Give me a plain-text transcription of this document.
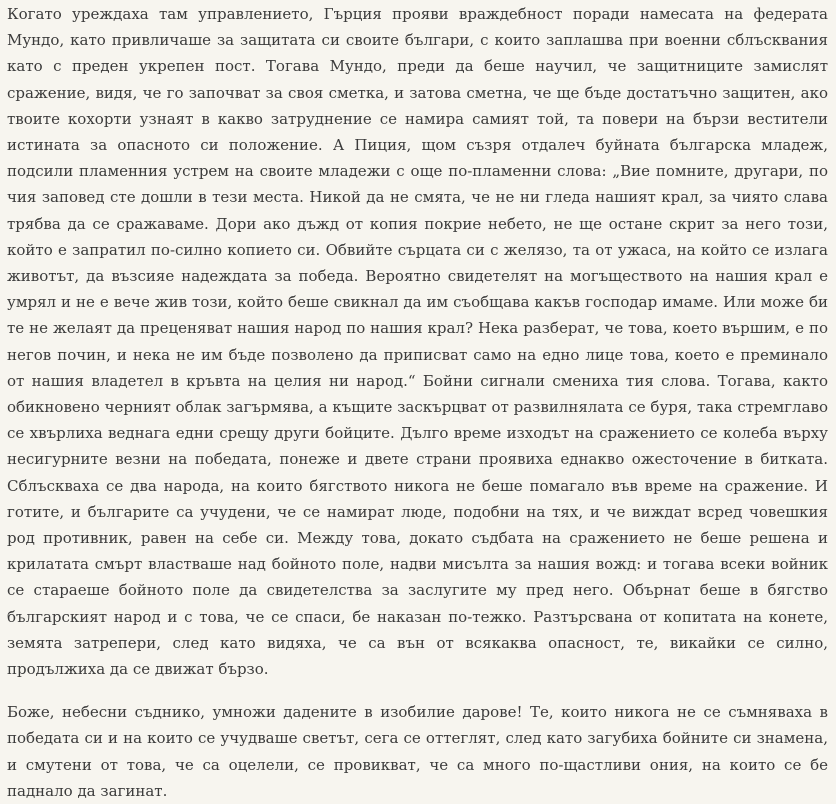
Когато уреждаха там управлението, Гърция прояви враждебност поради намесата на федерата Мундо, като привличаше за защитата си своите българи, с които заплашва при военни сблъсквания като с преден укрепен пост. Тогава Мундо, преди да беше научил, че защитниците замислят сражение, видя, че го започват за своя сметка, и затова сметна, че ще бъде достатъчно защитен, ако твоите кохорти узнаят в какво затруднение се намира самият той, та повери на бързи вестители истината за опасното си положение. А Пиция, щом съзря отдалеч буйната българска младеж, подсили пламенния устрем на своите младежи с още по-пламенни слова: „Вие помните, другари, по чия заповед сте дошли в тези места. Никой да не смята, че не ни гледа нашият крал, за чиято слава трябва да се сражаваме. Дори ако дъжд от копия покрие небето, не ще остане скрит за него този, който е запратил по-силно копието си. Обвийте сърцата си с желязо, та от ужаса, на който се излага животът, да възсияе надеждата за победа. Вероятно свидетелят на могъществото на нашия крал е умрял и не е вече жив този, който беше свикнал да им съобщава какъв господар имаме. Или може би те не желаят да преценяват нашия народ по нашия крал? Нека разберат, че това, което вършим, е по негов почин, и нека не им бъде позволено да приписват само на едно лице това, което е преминало от нашия владетел в кръвта на целия ни народ.“ Бойни сигнали смениха тия слова. Тогава, както обикновено черният облак загърмява, а къщите заскърцват от развилнялата се буря, така стремглаво се хвърлиха веднага едни срещу други бойците. Дълго време изходът на сражението се колеба върху несигурните везни на победата, понеже и двете страни проявиха еднакво ожесточение в битката. Сблъскваха се два народа, на които бягството никога не беше помагало във време на сражение. И готите, и българите са учудени, че се намират люде, подобни на тях, и че виждат всред човешкия род противник, равен на себе си. Между това, докато съдбата на сражението не беше решена и крилатата смърт властваше над бойното поле, надви мисълта за нашия вожд: и тогава всеки войник се стараеше бойното поле да свидетелства за заслугите му пред него. Обърнат беше в бягство българският народ и с това, че се спаси, бе наказан по-тежко. Разтърсвана от копитата на конете, земята затрепери, след като видяха, че са вън от всякаква опасност, те, викайки се силно, продължиха да се движат бързо.

Боже, небесни съднико, умножи дадените в изобилие дарове! Те, които никога не се съмняваха в победата си и на които се учудваше светът, сега се оттеглят, след като загубиха бойните си знамена, и смутени от това, че са оцелели, се провикват, че са много по-щастливи ония, на които се бе паднало да загинат.
